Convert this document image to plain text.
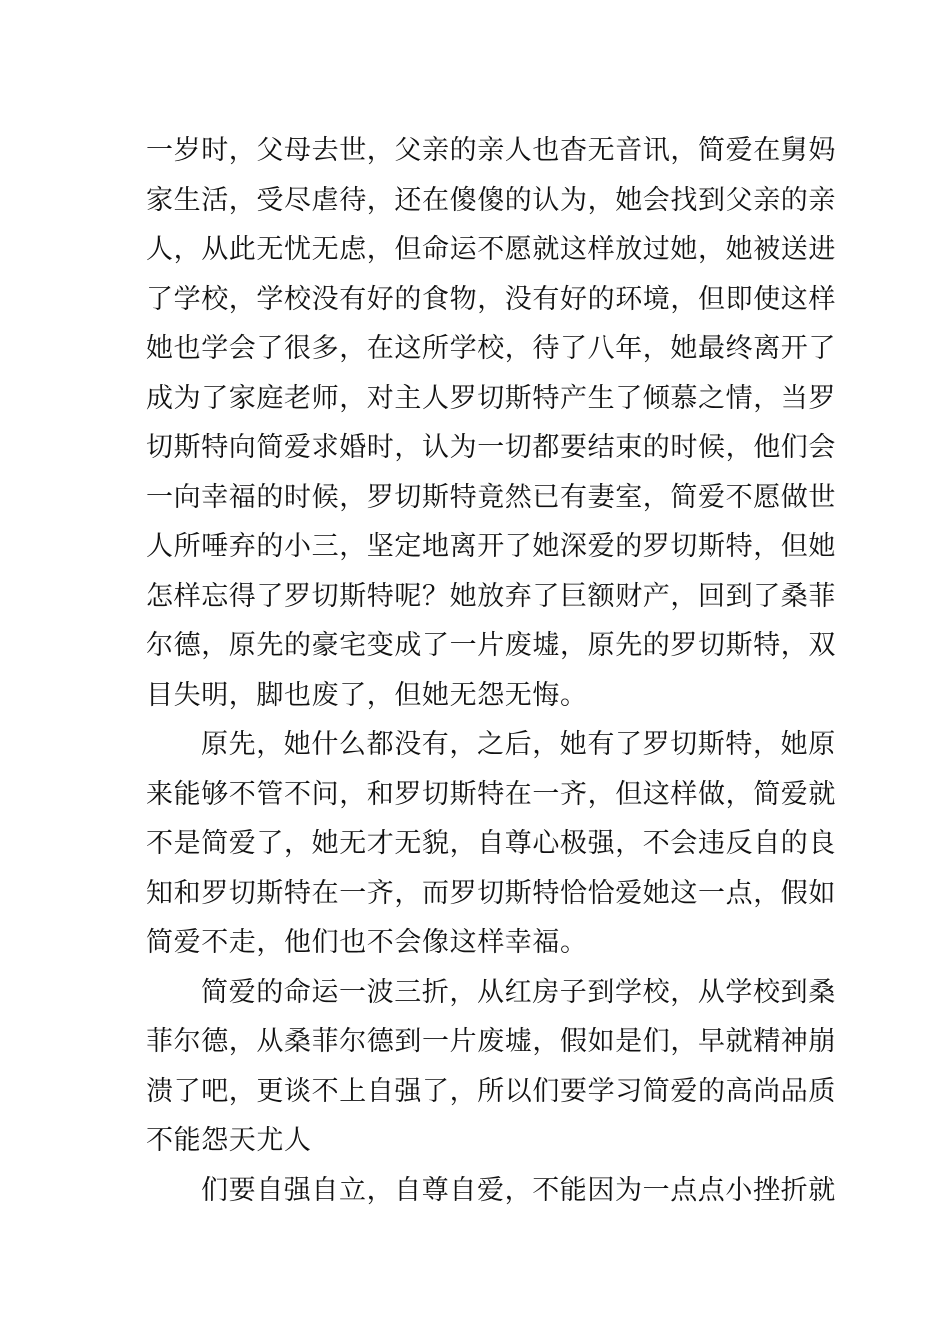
一岁时，父母去世，父亲的亲人也杳无音讯，简爱在舅妈
家生活，受尽虐待，还在傻傻的认为，她会找到父亲的亲
人，从此无忧无虑，但命运不愿就这样放过她，她被送进
了学校，学校没有好的食物，没有好的环境，但即使这样
她也学会了很多，在这所学校，待了八年，她最终离开了
成为了家庭老师，对主人罗切斯特产生了倾慕之情，当罗
切斯特向简爱求婚时，认为一切都要结束的时候，他们会
一向幸福的时候，罗切斯特竟然已有妻室，简爱不愿做世
人所唾弃的小三，坚定地离开了她深爱的罗切斯特，但她
怎样忘得了罗切斯特呢？她放弃了巨额财产，回到了桑菲
尔德，原先的豪宅变成了一片废墟，原先的罗切斯特，双
目失明，脚也废了，但她无怨无悔。
原先，她什么都没有，之后，她有了罗切斯特，她原
来能够不管不问，和罗切斯特在一齐，但这样做，简爱就
不是简爱了，她无才无貌，自尊心极强，不会违反自的良
知和罗切斯特在一齐，而罗切斯特恰恰爱她这一点，假如
简爱不走，他们也不会像这样幸福。
简爱的命运一波三折，从红房子到学校，从学校到桑
菲尔德，从桑菲尔德到一片废墟，假如是们，早就精神崩
溃了吧，更谈不上自强了，所以们要学习简爱的高尚品质
不能怨天尤人
们要自强自立，自尊自爱，不能因为一点点小挫折就
